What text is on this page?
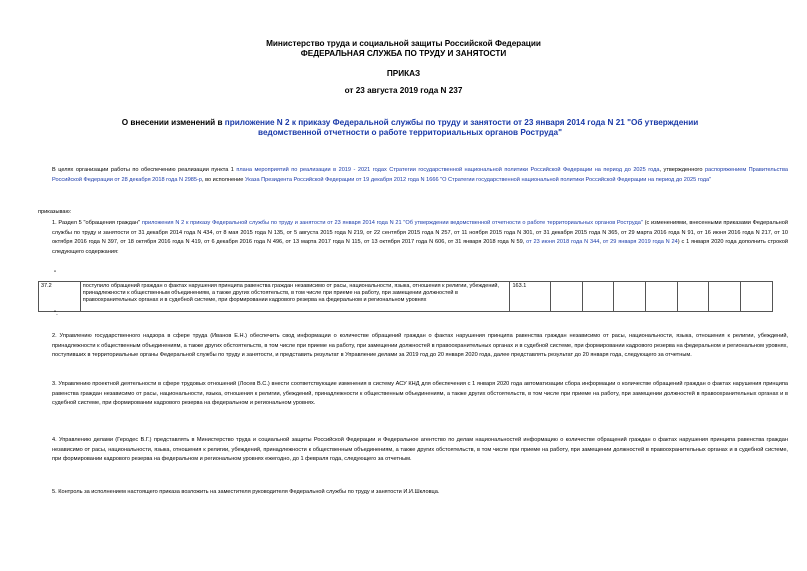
Министерство труда и социальной защиты Российской Федерации
ФЕДЕРАЛЬНАЯ СЛУЖБА ПО ТРУДУ И ЗАНЯТОСТИ
ПРИКАЗ
от 23 августа 2019 года N 237
О внесении изменений в приложение N 2 к приказу Федеральной службы по труду и занятости от 23 января 2014 года N 21 "Об утверждении ведомственной отчетности о работе территориальных органов Роструда"
В целях организации работы по обеспечению реализации пункта 1 плана мероприятий по реализации в 2019 - 2021 годах Стратегии государственной национальной политики Российской Федерации на период до 2025 года, утвержденного распоряжением Правительства Российской Федерации от 28 декабря 2018 года N 2985-р, во исполнение Указа Президента Российской Федерации от 19 декабря 2012 года N 1666 "О Стратегии государственной национальной политики Российской Федерации на период до 2025 года"
приказываю:
1. Раздел 5 "обращения граждан" приложения N 2 к приказу Федеральной службы по труду и занятости от 23 января 2014 года N 21 "Об утверждении ведомственной отчетности о работе территориальных органов Роструда" (с изменениями, внесенными приказами Федеральной службы по труду и занятости от 31 декабря 2014 года N 434, от 8 мая 2015 года N 135, от 5 августа 2015 года N 219, от 22 сентября 2015 года N 257, от 11 ноября 2015 года N 301, от 31 декабря 2015 года N 365, от 29 марта 2016 года N 91, от 16 июня 2016 года N 217, от 10 октября 2016 года N 397, от 18 октября 2016 года N 419, от 6 декабря 2016 года N 496, от 13 марта 2017 года N 115, от 13 октября 2017 года N 606, от 31 января 2018 года N 59, от 23 июня 2018 года N 344, от 29 января 2019 года N 24) с 1 января 2020 года дополнить строкой следующего содержания:
"
37.2	поступило обращений граждан о фактах нарушения принципа равенства граждан независимо от расы, национальности, языка, отношения к религии, убеждений, принадлежности к общественным объединениям, а также других обстоятельств, в том числе при приеме на работу, при замещении должностей в правоохранительных органах и в судебной системе, при формировании кадрового резерва на федеральном и региональном уровнях	163.1							
".
2. Управлению государственного надзора в сфере труда (Иванов Е.Н.) обеспечить свод информации о количестве обращений граждан о фактах нарушения принципа равенства граждан независимо от расы, национальности, языка, отношения к религии, убеждений, принадлежности к общественным объединениям, а также других обстоятельств, в том числе при приеме на работу, при замещении должностей в правоохранительных органах и в судебной системе, при формировании кадрового резерва на федеральном и региональном уровнях, поступивших в территориальные органы Федеральной службы по труду и занятости, и представить результат в Управление делами за 2019 год до 20 января 2020 года, далее представлять результат до 20 января года, следующего за отчетным.
3. Управлению проектной деятельности в сфере трудовых отношений (Лосев В.С.) внести соответствующие изменения в систему АСУ КНД для обеспечения с 1 января 2020 года автоматизации сбора информации о количестве обращений граждан о фактах нарушения принципа равенства граждан независимо от расы, национальности, языка, отношения к религии, убеждений, принадлежности к общественным объединениям, а также других обстоятельств, в том числе при приеме на работу, при замещении должностей в правоохранительных органах и в судебной системе, при формировании кадрового резерва на федеральном и региональном уровнях.
4. Управлению делами (Геродес В.Г.) представлять в Министерство труда и социальной защиты Российской Федерации и Федеральное агентство по делам национальностей информацию о количестве обращений граждан о фактах нарушения принципа равенства граждан независимо от расы, национальности, языка, отношения к религии, убеждений, принадлежности к общественным объединениям, а также других обстоятельств, в том числе при приеме на работу, при замещении должностей в правоохранительных органах и в судебной системе, при формировании кадрового резерва на федеральном и региональном уровнях ежегодно, до 1 февраля года, следующего за отчетным.
5. Контроль за исполнением настоящего приказа возложить на заместителя руководителя Федеральной службы по труду и занятости И.И.Шкловца.
